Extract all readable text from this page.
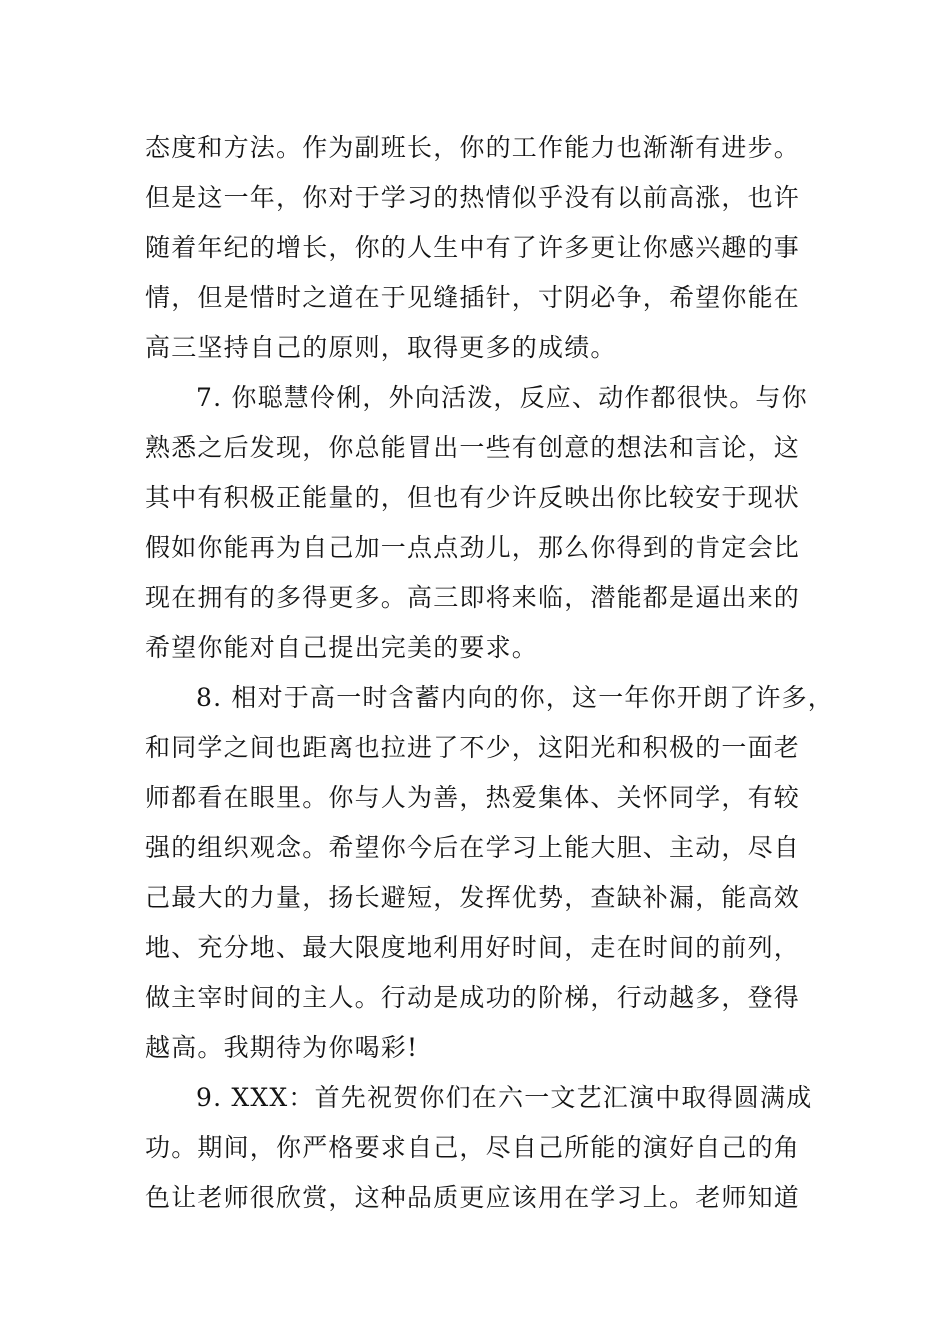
态度和方法。作为副班长，你的工作能力也渐渐有进步。
但是这一年，你对于学习的热情似乎没有以前高涨，也许
随着年纪的增长，你的人生中有了许多更让你感兴趣的事
情，但是惜时之道在于见缝插针，寸阴必争，希望你能在
高三坚持自己的原则，取得更多的成绩。
7. 你聪慧伶俐，外向活泼，反应、动作都很快。与你
熟悉之后发现，你总能冒出一些有创意的想法和言论，这
其中有积极正能量的，但也有少许反映出你比较安于现状
假如你能再为自己加一点点劲儿，那么你得到的肯定会比
现在拥有的多得更多。高三即将来临，潜能都是逼出来的
希望你能对自己提出完美的要求。
8. 相对于高一时含蓄内向的你，这一年你开朗了许多，
和同学之间也距离也拉进了不少，这阳光和积极的一面老
师都看在眼里。你与人为善，热爱集体、关怀同学，有较
强的组织观念。希望你今后在学习上能大胆、主动，尽自
己最大的力量，扬长避短，发挥优势，查缺补漏，能高效
地、充分地、最大限度地利用好时间，走在时间的前列，
做主宰时间的主人。行动是成功的阶梯，行动越多，登得
越高。我期待为你喝彩!
9. XXX：首先祝贺你们在六一文艺汇演中取得圆满成
功。期间，你严格要求自己，尽自己所能的演好自己的角
色让老师很欣赏，这种品质更应该用在学习上。老师知道
